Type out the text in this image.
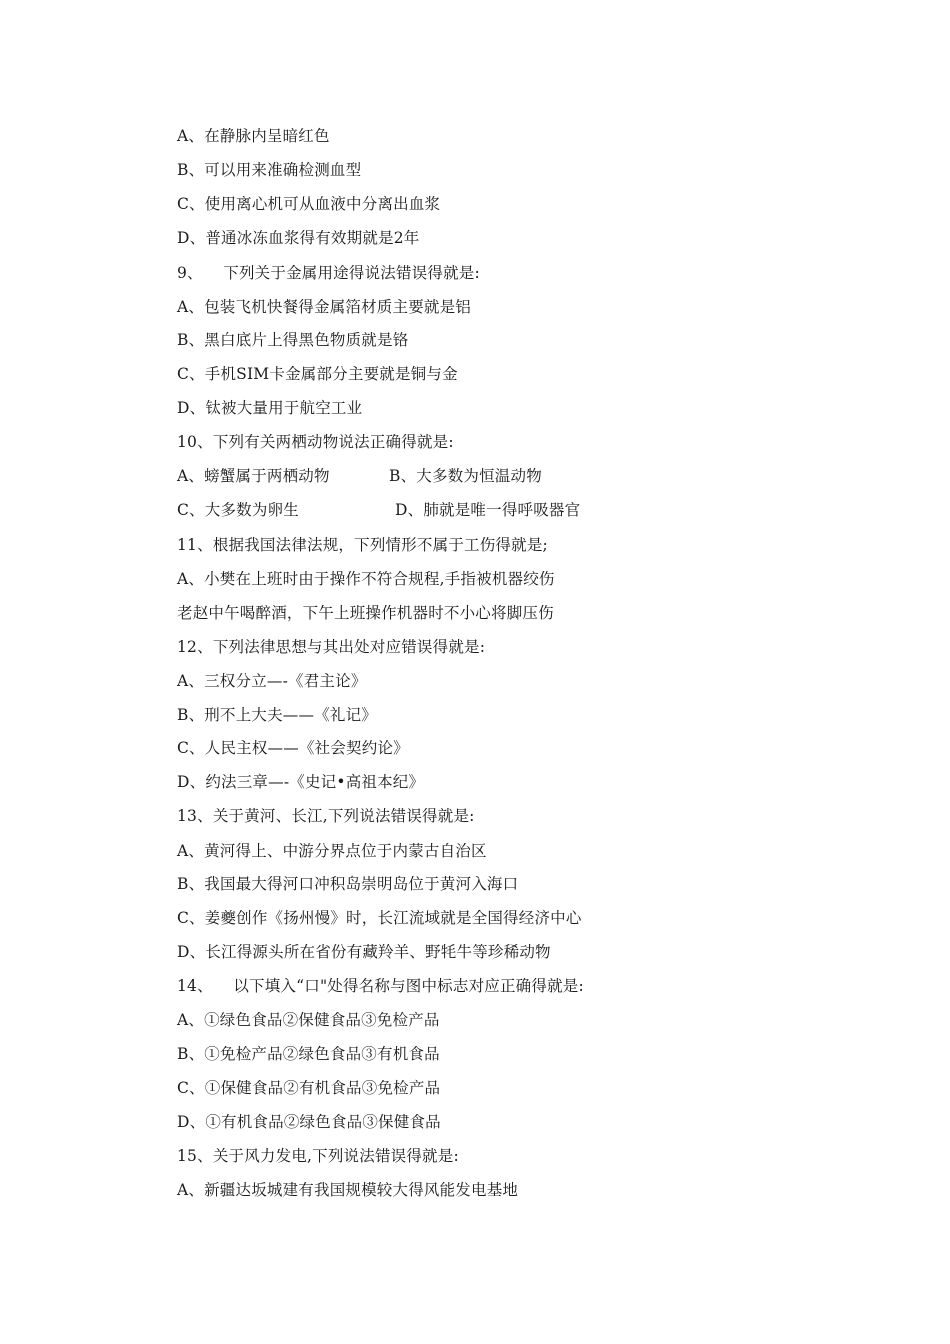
A、在静脉内呈暗红色
B、可以用来准确检测血型
C、使用离心机可从血液中分离出血浆
D、普通冰冻血浆得有效期就是2年
9、    下列关于金属用途得说法错误得就是:
A、包装飞机快餐得金属箔材质主要就是铝
B、黑白底片上得黑色物质就是铬
C、手机SIM卡金属部分主要就是铜与金
D、钛被大量用于航空工业
10、下列有关两栖动物说法正确得就是:
A、螃蟹属于两栖动物	B、大多数为恒温动物
C、大多数为卵生	D、肺就是唯一得呼吸器官
11、根据我国法律法规，下列情形不属于工伤得就是;
A、小樊在上班时由于操作不符合规程,手指被机器绞伤
老赵中午喝醉酒，下午上班操作机器时不小心将脚压伤
12、下列法律思想与其出处对应错误得就是:
A、三权分立—-《君主论》
B、刑不上大夫——《礼记》
C、人民主权——《社会契约论》
D、约法三章—-《史记•高祖本纪》
13、关于黄河、长江,下列说法错误得就是:
A、黄河得上、中游分界点位于内蒙古自治区
B、我国最大得河口冲积岛崇明岛位于黄河入海口
C、姜夔创作《扬州慢》时，长江流域就是全国得经济中心
D、长江得源头所在省份有藏羚羊、野牦牛等珍稀动物
14、    以下填入“口"处得名称与图中标志对应正确得就是:
A、①绿色食品②保健食品③免检产品
B、①免检产品②绿色食品③有机食品
C、①保健食品②有机食品③免检产品
D、①有机食品②绿色食品③保健食品
15、关于风力发电,下列说法错误得就是:
A、新疆达坂城建有我国规模较大得风能发电基地
